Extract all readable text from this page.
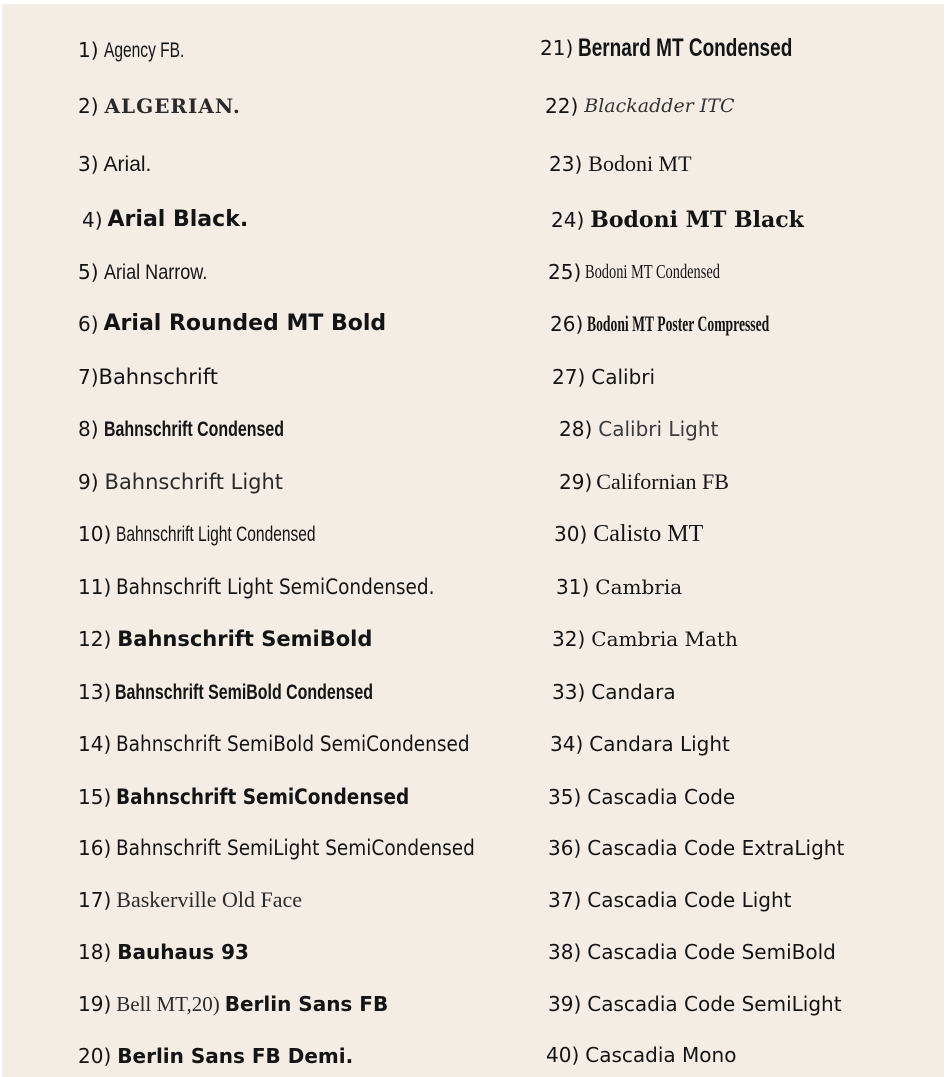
1) Agency FB.
2) ALGERIAN.
3) Arial.
4) Arial Black.
5) Arial Narrow.
6) Arial Rounded MT Bold
7) Bahnschrift
8) Bahnschrift Condensed
9) Bahnschrift Light
10) Bahnschrift Light Condensed
11) Bahnschrift Light SemiCondensed.
12) Bahnschrift SemiBold
13) Bahnschrift SemiBold Condensed
14) Bahnschrift SemiBold SemiCondensed
15) Bahnschrift SemiCondensed
16) Bahnschrift SemiLight SemiCondensed
17) Baskerville Old Face
18) Bauhaus 93
19) Bell MT,20) Berlin Sans FB
20) Berlin Sans FB Demi.
21) Bernard MT Condensed
22) Blackadder ITC
23) Bodoni MT
24) Bodoni MT Black
25) Bodoni MT Condensed
26) Bodoni MT Poster Compressed
27) Calibri
28) Calibri Light
29) Californian FB
30) Calisto MT
31) Cambria
32) Cambria Math
33) Candara
34) Candara Light
35) Cascadia Code
36) Cascadia Code ExtraLight
37) Cascadia Code Light
38) Cascadia Code SemiBold
39) Cascadia Code SemiLight
40) Cascadia Mono
